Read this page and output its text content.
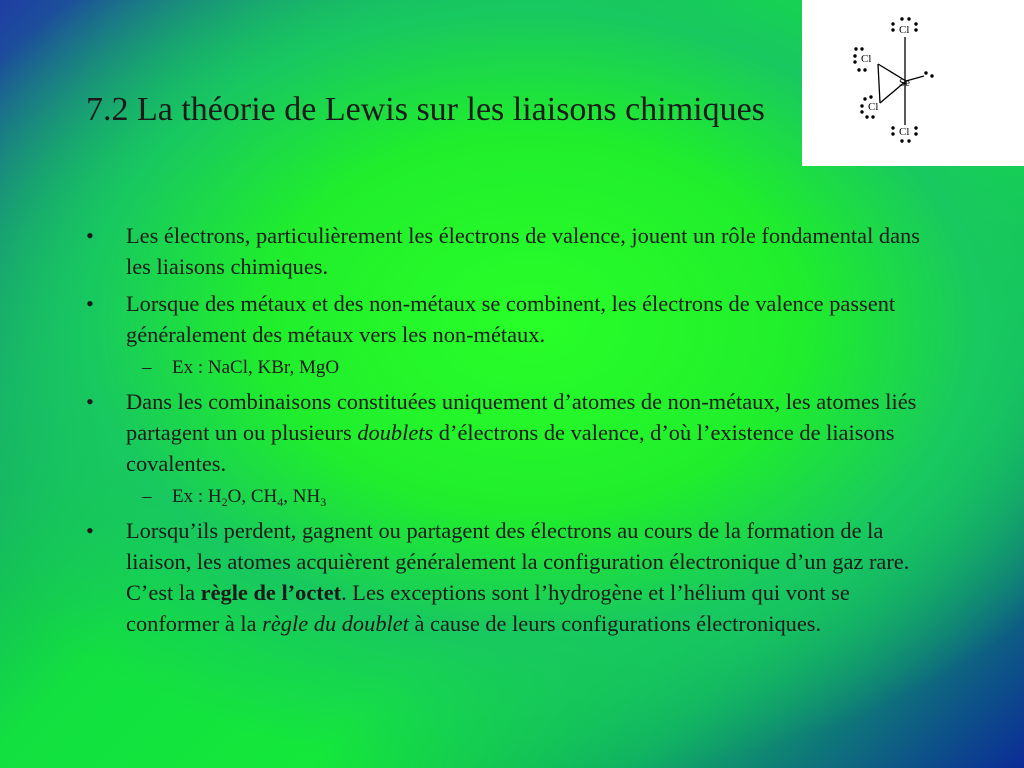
7.2 La théorie de Lewis sur les liaisons chimiques
Cl
Cl
Se
Cl
Cl
• Les électrons, particulièrement les électrons de valence, jouent un rôle fondamental dans les liaisons chimiques.
• Lorsque des métaux et des non-métaux se combinent, les électrons de valence passent généralement des métaux vers les non-métaux.
– Ex : NaCl, KBr, MgO
• Dans les combinaisons constituées uniquement d’atomes de non-métaux, les atomes liés partagent un ou plusieurs doublets d’électrons de valence, d’où l’existence de liaisons covalentes.
– Ex : $H_2O$, $CH_4$, $NH_3$
• Lorsqu’ils perdent, gagnent ou partagent des électrons au cours de la formation de la liaison, les atomes acquièrent généralement la configuration électronique d’un gaz rare. C’est la règle de l’octet. Les exceptions sont l’hydrogène et l’hélium qui vont se conformer à la règle du doublet à cause de leurs configurations électroniques.
